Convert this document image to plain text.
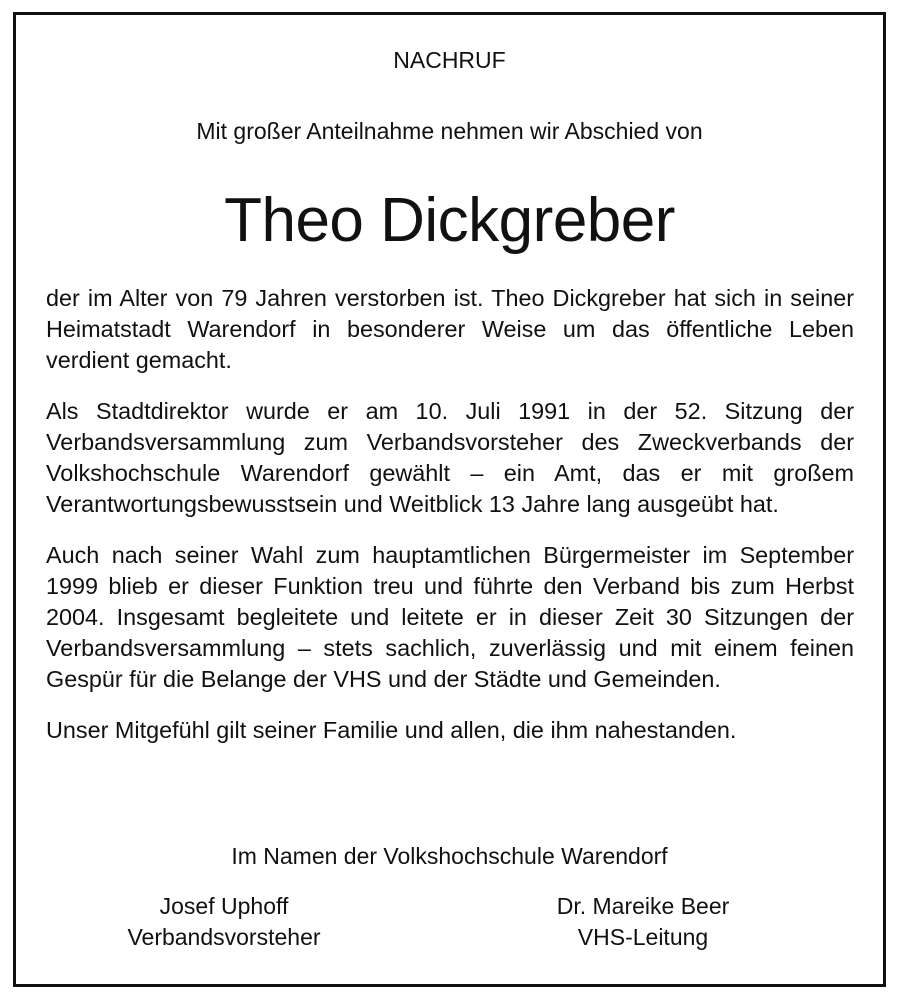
NACHRUF
Mit großer Anteilnahme nehmen wir Abschied von
Theo Dickgreber

der im Alter von 79 Jahren verstorben ist. Theo Dickgreber hat sich in seiner Heimatstadt Warendorf in besonderer Weise um das öffentliche Leben verdient gemacht.

Als Stadtdirektor wurde er am 10. Juli 1991 in der 52. Sitzung der Verbandsversammlung zum Verbandsvorsteher des Zweckverbands der Volkshochschule Warendorf gewählt – ein Amt, das er mit großem Verantwortungsbewusstsein und Weitblick 13 Jahre lang ausgeübt hat.

Auch nach seiner Wahl zum hauptamtlichen Bürgermeister im September 1999 blieb er dieser Funktion treu und führte den Verband bis zum Herbst 2004. Insgesamt begleitete und leitete er in dieser Zeit 30 Sitzungen der Verbandsversammlung – stets sachlich, zuverlässig und mit einem feinen Gespür für die Belange der VHS und der Städte und Gemeinden.

Unser Mitgefühl gilt seiner Familie und allen, die ihm nahestanden.

Im Namen der Volkshochschule Warendorf
Josef Uphoff
Verbandsvorsteher
Dr. Mareike Beer
VHS-Leitung
